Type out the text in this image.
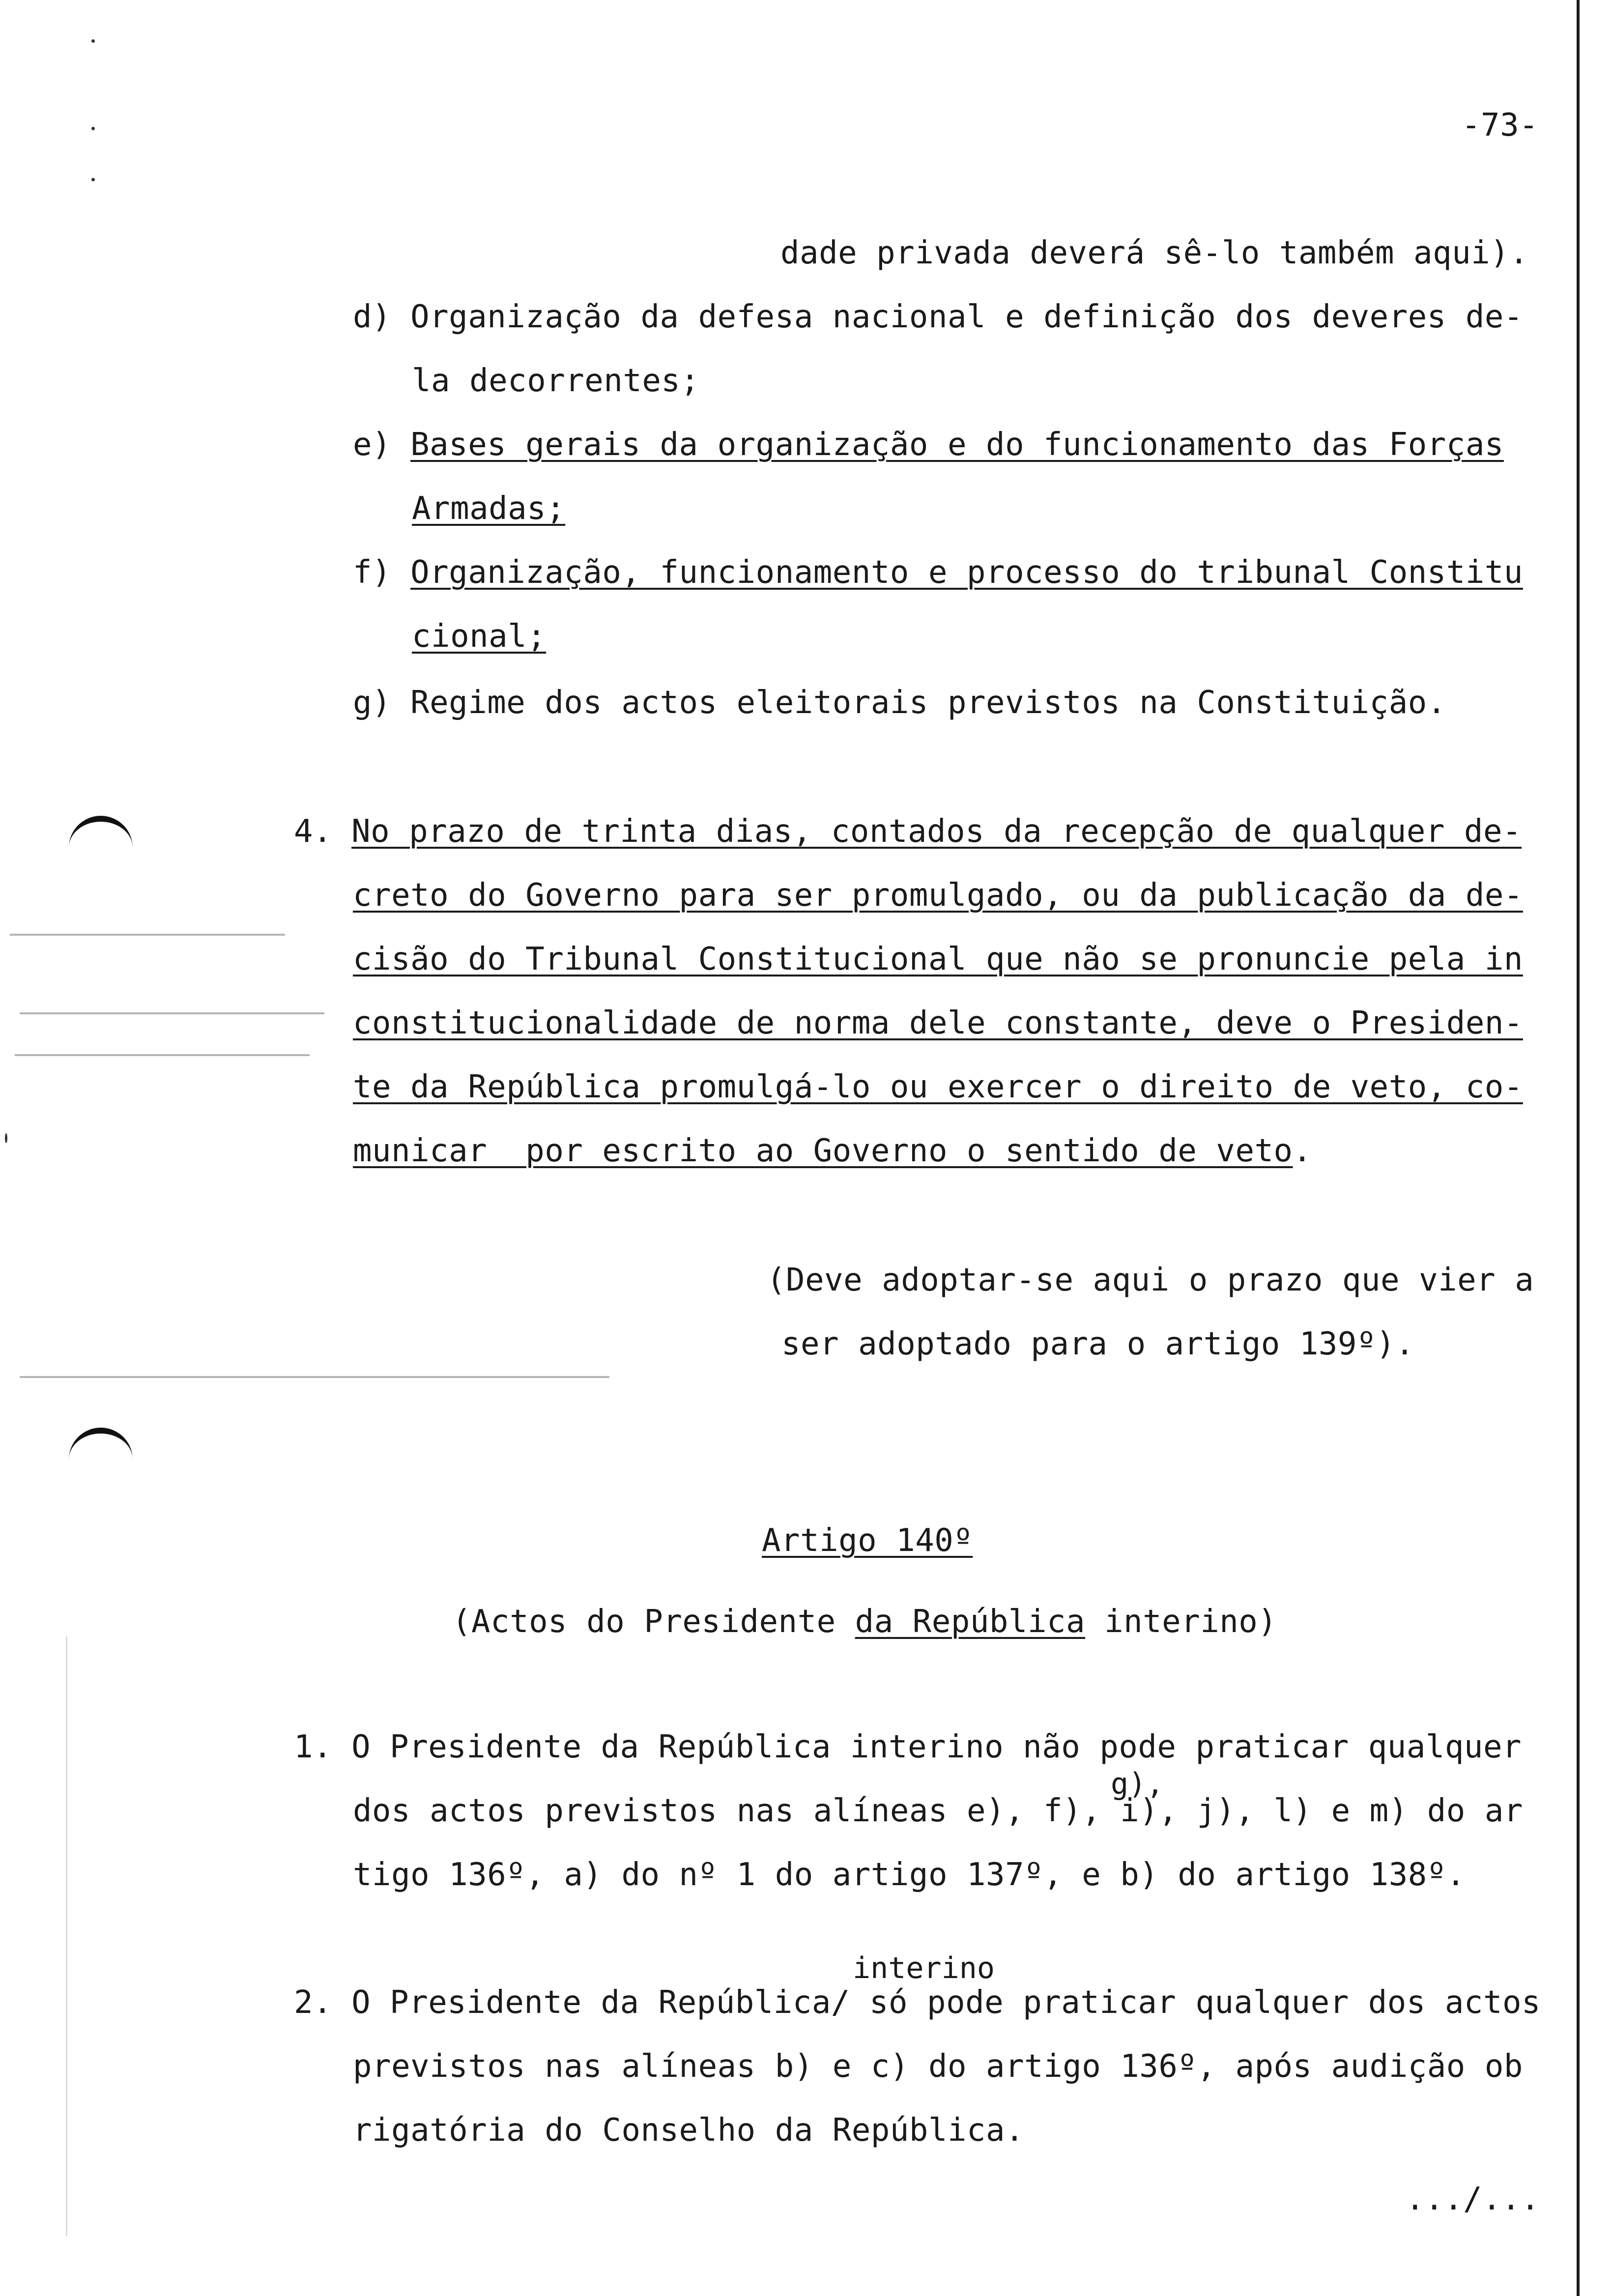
-73-
dade privada deverá sê-lo também aqui).
d) Organização da defesa nacional e definição dos deveres de-
la decorrentes;
e) Bases gerais da organização e do funcionamento das Forças
Armadas;
f) Organização, funcionamento e processo do tribunal Constitu
cional;
g) Regime dos actos eleitorais previstos na Constituição.
4. No prazo de trinta dias, contados da recepção de qualquer de-
creto do Governo para ser promulgado, ou da publicação da de-
cisão do Tribunal Constitucional que não se pronuncie pela in
constitucionalidade de norma dele constante, deve o Presiden-
te da República promulgá-lo ou exercer o direito de veto, co-
municar  por escrito ao Governo o sentido de veto.
(Deve adoptar-se aqui o prazo que vier a
ser adoptado para o artigo 139º).
Artigo 140º
(Actos do Presidente da República interino)
1. O Presidente da República interino não pode praticar qualquer
g),
dos actos previstos nas alíneas e), f), i), j), l) e m) do ar
tigo 136º, a) do nº 1 do artigo 137º, e b) do artigo 138º.
interino
2. O Presidente da República/ só pode praticar qualquer dos actos
previstos nas alíneas b) e c) do artigo 136º, após audição ob
rigatória do Conselho da República.
.../...
